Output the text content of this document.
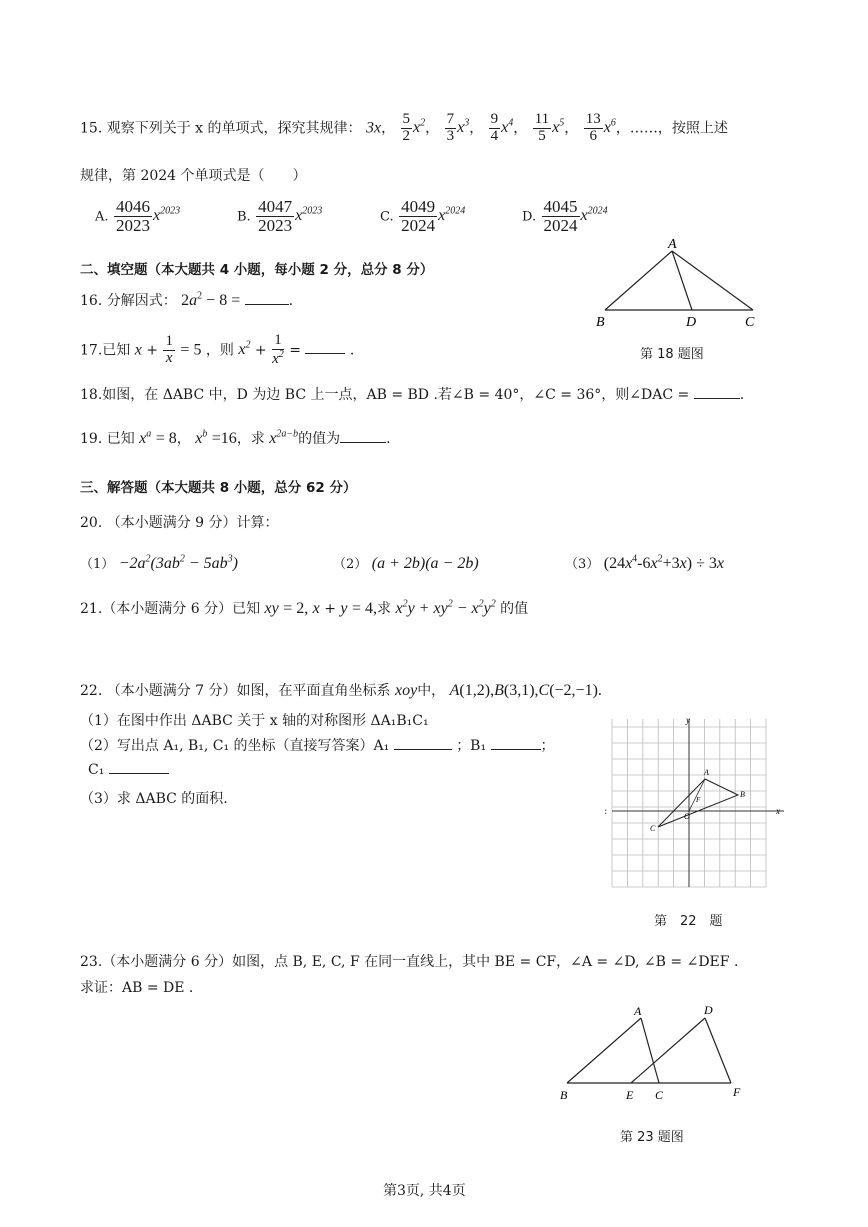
15. 观察下列关于 x 的单项式，探究其规律： 3x， $\frac{5}{2} x^2$， $\frac{7}{3} x^3$， $\frac{9}{4} x^4$， $\frac{11}{5} x^5$， $\frac{13}{6} x^6$，……，按照上述
规律，第 2024 个单项式是（　　）
A. $\frac{4046}{2023} x^{2023}$	B. $\frac{4047}{2023} x^{2023}$	C. $\frac{4049}{2024} x^{2024}$	D. $\frac{4045}{2024} x^{2024}$
二、填空题（本大题共 4 小题，每小题 2 分，总分 8 分）
16. 分解因式： $2a^2 - 8$ =	.
17.已知 $x + \frac{1}{x} = 5$ ，则 $x^2 + \frac{1}{x^2}$ =	.
A
B	D	C
第 18 题图
18.如图，在 ΔABC 中，D 为边 BC 上一点，AB = BD .若∠B = 40°，∠C = 36°，则∠DAC =	.
19. 已知 $x^a = 8$， $x^b =16$，求 $x^{2a-b}$的值为	.
三、解答题（本大题共 8 小题，总分 62 分）
20. （本小题满分 9 分）计算：
$(1) -2a^2(3ab^2 - 5ab^3)$	（2） (a + 2b)(a − 2b)	（3） $(24x^4-6x^2+3x) \div 3x$
21.（本小题满分 6 分）已知 xy = 2, x + y = 4,求 $x^2y + xy^2 - x^2y^2$ 的值
22. （本小题满分 7 分）如图，在平面直角坐标系 xoy中， A(1,2),B(3,1),C(−2,−1).
（1）在图中作出 ΔABC 关于 x 轴的对称图形 ΔA₁B₁C₁
（2）写出点 A₁, B₁, C₁ 的坐标（直接写答案）A₁	；B₁	；
C₁
（3）求 ΔABC 的面积.
y
x
:	O
A
B
C
F
第　22　题
23.（本小题满分 6 分）如图，点 B, E, C, F 在同一直线上，其中 BE = CF，∠A = ∠D, ∠B = ∠DEF .
求证：AB = DE .
A	D
B	E C	F
第 23 题图
第3页, 共4页
